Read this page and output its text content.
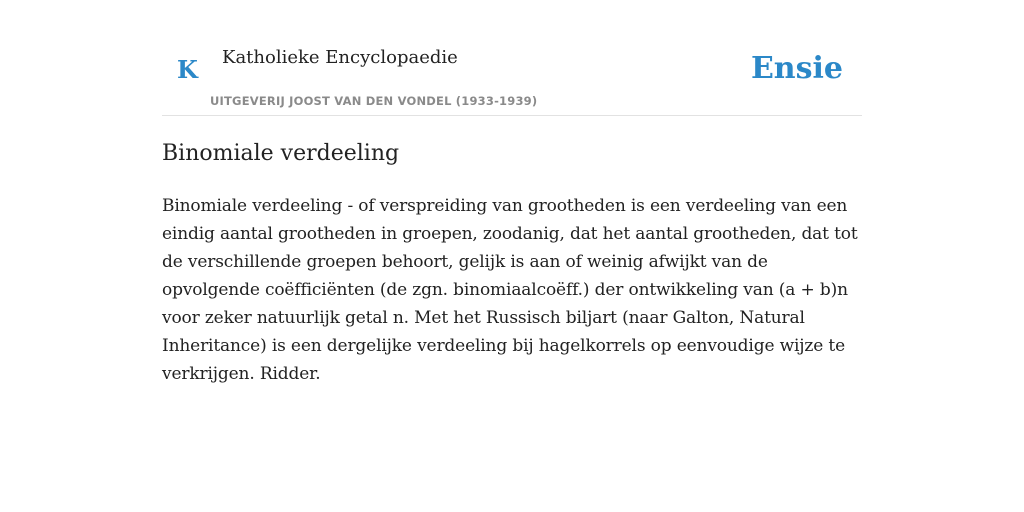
K Katholieke Encyclopaedie
UITGEVERIJ JOOST VAN DEN VONDEL (1933-1939)
Ensie
Binomiale verdeeling

Binomiale verdeeling - of verspreiding van grootheden is een verdeeling van een eindig aantal grootheden in groepen, zoodanig, dat het aantal grootheden, dat tot de verschillende groepen behoort, gelijk is aan of weinig afwijkt van de opvolgende coëfficiënten (de zgn. binomiaalcoëff.) der ontwikkeling van (a + b)n voor zeker natuurlijk getal n. Met het Russisch biljart (naar Galton, Natural Inheritance) is een dergelijke verdeeling bij hagelkorrels op eenvoudige wijze te verkrijgen. Ridder.
